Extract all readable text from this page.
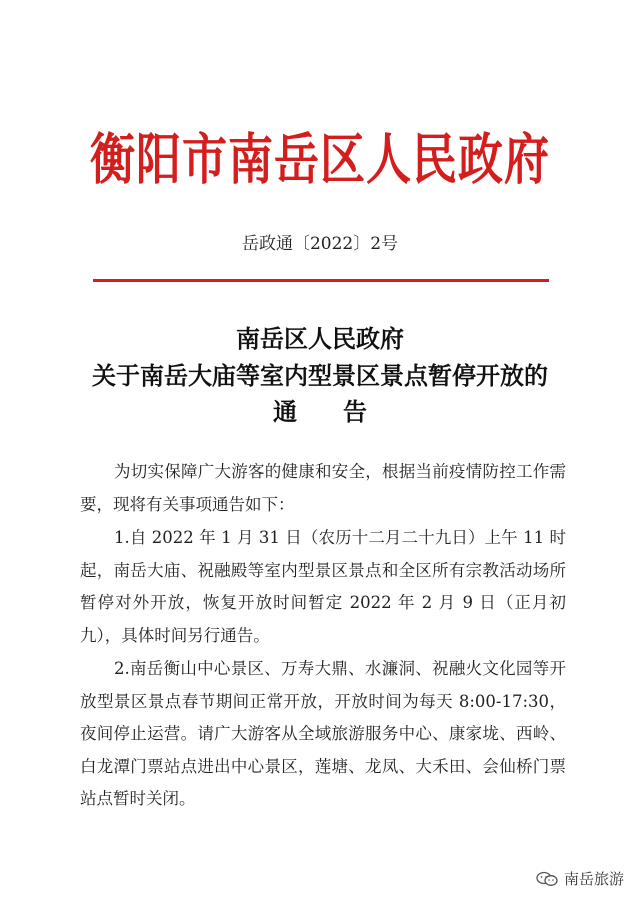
衡阳市南岳区人民政府
岳政通〔2022〕2号
南岳区人民政府
关于南岳大庙等室内型景区景点暂停开放的
通 告

为切实保障广大游客的健康和安全，根据当前疫情防控工作需要，现将有关事项通告如下：

1.自 2022 年 1 月 31 日（农历十二月二十九日）上午 11 时起，南岳大庙、祝融殿等室内型景区景点和全区所有宗教活动场所暂停对外开放，恢复开放时间暂定 2022 年 2 月 9 日（正月初九），具体时间另行通告。

2.南岳衡山中心景区、万寿大鼎、水濂洞、祝融火文化园等开放型景区景点春节期间正常开放，开放时间为每天 8:00-17:30，夜间停止运营。请广大游客从全域旅游服务中心、康家垅、西岭、白龙潭门票站点进出中心景区，莲塘、龙凤、大禾田、会仙桥门票站点暂时关闭。

南岳旅游
